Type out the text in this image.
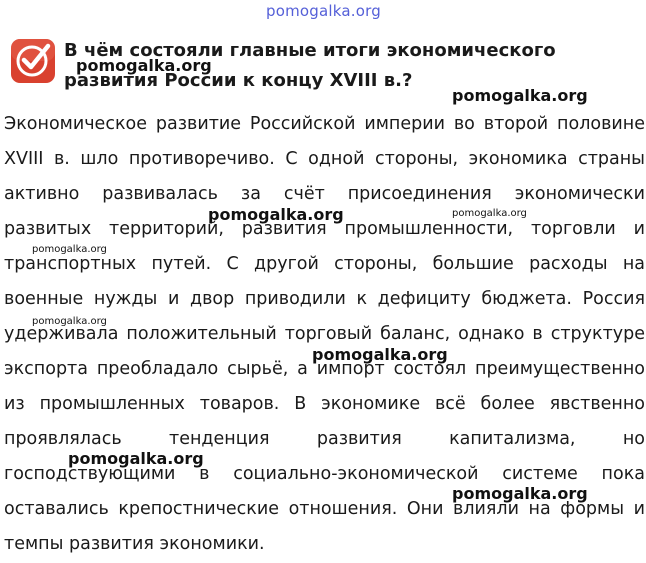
pomogalka.org

В чём состояли главные итоги экономического развития России к концу XVIII в.?

Экономическое развитие Российской империи во второй половине XVIII в. шло противоречиво. С одной стороны, экономика страны активно развивалась за счёт присоединения экономически развитых территорий, развития промышленности, торговли и транспортных путей. С другой стороны, большие расходы на военные нужды и двор приводили к дефициту бюджета. Россия удерживала положительный торговый баланс, однако в структуре экспорта преобладало сырьё, а импорт состоял преимущественно из промышленных товаров. В экономике всё более явственно проявлялась тенденция развития капитализма, но господствующими в социально-экономической системе пока оставались крепостнические отношения. Они влияли на формы и темпы развития экономики.

pomogalka.org
pomogalka.org
pomogalka.org	pomogalka.org
pomogalka.org
pomogalka.org
pomogalka.org
pomogalka.org
pomogalka.org
